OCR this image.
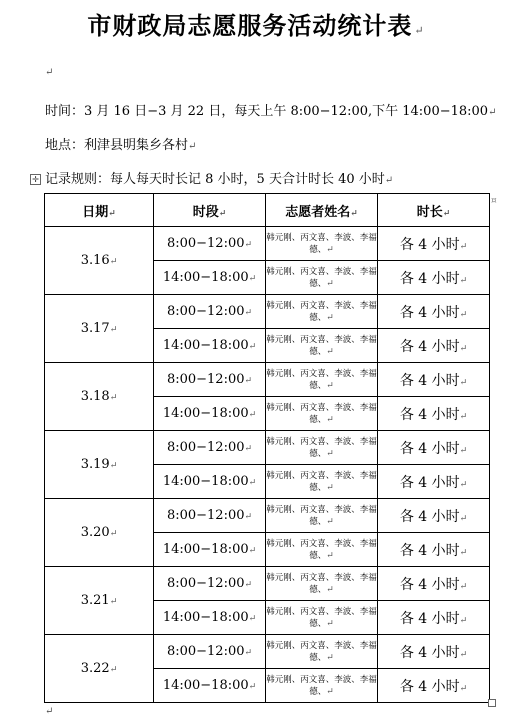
市财政局志愿服务活动统计表 ↵
↵
时间：3 月 16 日−3 月 22 日，每天上午 8:00−12:00,下午 14:00−18:00↵
地点：利津县明集乡各村↵
记录规则：每人每天时长记 8 小时，5 天合计时长 40 小时↵
✛
日期↵	时段↵	志愿者姓名↵	时长↵
3.16↵	8:00−12:00↵	韩元刚、丙文喜、李波、李福德、↵	各 4 小时↵
	14:00−18:00↵	韩元刚、丙文喜、李波、李福德、↵	各 4 小时↵
3.17↵	8:00−12:00↵	韩元刚、丙文喜、李波、李福德、↵	各 4 小时↵
	14:00−18:00↵	韩元刚、丙文喜、李波、李福德、↵	各 4 小时↵
3.18↵	8:00−12:00↵	韩元刚、丙文喜、李波、李福德、↵	各 4 小时↵
	14:00−18:00↵	韩元刚、丙文喜、李波、李福德、↵	各 4 小时↵
3.19↵	8:00−12:00↵	韩元刚、丙文喜、李波、李福德、↵	各 4 小时↵
	14:00−18:00↵	韩元刚、丙文喜、李波、李福德、↵	各 4 小时↵
3.20↵	8:00−12:00↵	韩元刚、丙文喜、李波、李福德、↵	各 4 小时↵
	14:00−18:00↵	韩元刚、丙文喜、李波、李福德、↵	各 4 小时↵
3.21↵	8:00−12:00↵	韩元刚、丙文喜、李波、李福德、↵	各 4 小时↵
	14:00−18:00↵	韩元刚、丙文喜、李波、李福德、↵	各 4 小时↵
3.22↵	8:00−12:00↵	韩元刚、丙文喜、李波、李福德、↵	各 4 小时↵
	14:00−18:00↵	韩元刚、丙文喜、李波、李福德、↵	各 4 小时↵
¤
↵
